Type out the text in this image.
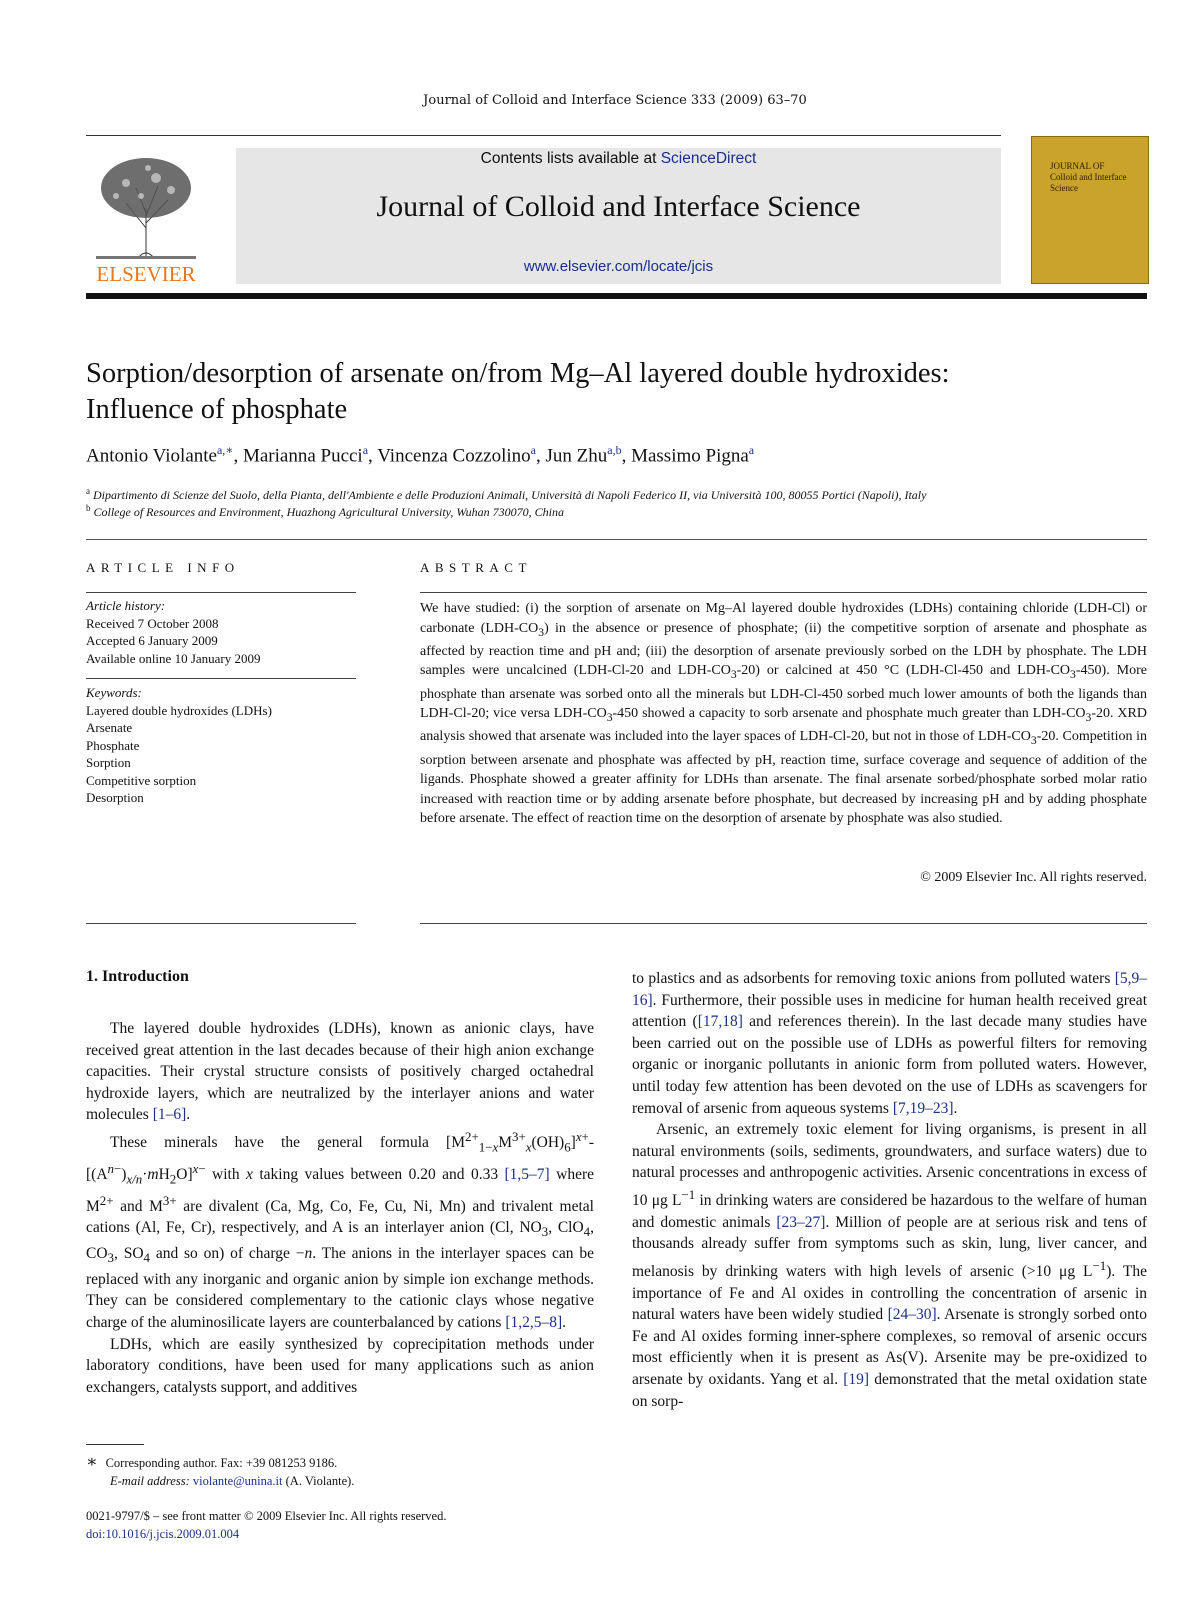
Journal of Colloid and Interface Science 333 (2009) 63–70
ELSEVIER
Contents lists available at ScienceDirect
Journal of Colloid and Interface Science
www.elsevier.com/locate/jcis
JOURNAL OF Colloid and Interface Science
Sorption/desorption of arsenate on/from Mg–Al layered double hydroxides:
Influence of phosphate
Antonio Violante$^{a,∗}$, Marianna Pucci$^a$, Vincenza Cozzolino$^a$, Jun Zhu$^{a,b}$, Massimo Pigna$^a$
$^a$ Dipartimento di Scienze del Suolo, della Pianta, dell'Ambiente e delle Produzioni Animali, Università di Napoli Federico II, via Università 100, 80055 Portici (Napoli), Italy
$^b$ College of Resources and Environment, Huazhong Agricultural University, Wuhan 730070, China
ARTICLE INFO
Article history:
Received 7 October 2008
Accepted 6 January 2009
Available online 10 January 2009
Keywords:
Layered double hydroxides (LDHs)
Arsenate
Phosphate
Sorption
Competitive sorption
Desorption
ABSTRACT
We have studied: (i) the sorption of arsenate on Mg–Al layered double hydroxides (LDHs) containing chloride (LDH-Cl) or carbonate $(LDH-CO_3)$ in the absence or presence of phosphate; (ii) the competitive sorption of arsenate and phosphate as affected by reaction time and pH and; (iii) the desorption of arsenate previously sorbed on the LDH by phosphate. The LDH samples were uncalcined (LDH-Cl-20 and LDH-$CO_3-20$) or calcined at 450 °C (LDH-Cl-450 and LDH-$CO_3-450$). More phosphate than arsenate was sorbed onto all the minerals but LDH-Cl-450 sorbed much lower amounts of both the ligands than LDH-Cl-20; vice versa LDH-$CO_3-450$ showed a capacity to sorb arsenate and phosphate much greater than LDH-$CO_3-20$. XRD analysis showed that arsenate was included into the layer spaces of LDH-Cl-20, but not in those of LDH-$CO_3-20$. Competition in sorption between arsenate and phosphate was affected by pH, reaction time, surface coverage and sequence of addition of the ligands. Phosphate showed a greater affinity for LDHs than arsenate. The final arsenate sorbed/phosphate sorbed molar ratio increased with reaction time or by adding arsenate before phosphate, but decreased by increasing pH and by adding phosphate before arsenate. The effect of reaction time on the desorption of arsenate by phosphate was also studied.
© 2009 Elsevier Inc. All rights reserved.
1. Introduction

The layered double hydroxides (LDHs), known as anionic clays, have received great attention in the last decades because of their high anion exchange capacities. Their crystal structure consists of positively charged octahedral hydroxide layers, which are neutralized by the interlayer anions and water molecules [1–6].

These minerals have the general formula $[M^{2+}_{1-x}M^{3+}_x(OH)_6]^{x+}-[(A^{n-})_{x/n}\cdot mH_2O]^{x-}$ with x taking values between 0.20 and 0.33 [1,5–7] where $M^{2+}$ and $M^{3+}$ are divalent (Ca, Mg, Co, Fe, Cu, Ni, Mn) and trivalent metal cations (Al, Fe, Cr), respectively, and A is an interlayer anion (Cl, $NO_3$, ClO$_4$, $CO_3$, $SO_4$ and so on) of charge −n. The anions in the interlayer spaces can be replaced with any inorganic and organic anion by simple ion exchange methods. They can be considered complementary to the cationic clays whose negative charge of the aluminosilicate layers are counterbalanced by cations [1,2,5–8].

LDHs, which are easily synthesized by coprecipitation methods under laboratory conditions, have been used for many applications such as anion exchangers, catalysts support, and additives

to plastics and as adsorbents for removing toxic anions from polluted waters [5,9–16]. Furthermore, their possible uses in medicine for human health received great attention ([17,18] and references therein). In the last decade many studies have been carried out on the possible use of LDHs as powerful filters for removing organic or inorganic pollutants in anionic form from polluted waters. However, until today few attention has been devoted on the use of LDHs as scavengers for removal of arsenic from aqueous systems [7,19–23].

Arsenic, an extremely toxic element for living organisms, is present in all natural environments (soils, sediments, groundwaters, and surface waters) due to natural processes and anthropogenic activities. Arsenic concentrations in excess of 10 μg $L^{-1}$ in drinking waters are considered be hazardous to the welfare of human and domestic animals [23–27]. Million of people are at serious risk and tens of thousands already suffer from symptoms such as skin, lung, liver cancer, and melanosis by drinking waters with high levels of arsenic (>10 μg $L^{-1}$). The importance of Fe and Al oxides in controlling the concentration of arsenic in natural waters have been widely studied [24–30]. Arsenate is strongly sorbed onto Fe and Al oxides forming inner-sphere complexes, so removal of arsenic occurs most efficiently when it is present as As(V). Arsenite may be pre-oxidized to arsenate by oxidants. Yang et al. [19] demonstrated that the metal oxidation state on sorp-

∗ Corresponding author. Fax: +39 081253 9186.
E-mail address: violante@unina.it (A. Violante).
0021-9797/$ – see front matter © 2009 Elsevier Inc. All rights reserved.
doi:10.1016/j.jcis.2009.01.004
